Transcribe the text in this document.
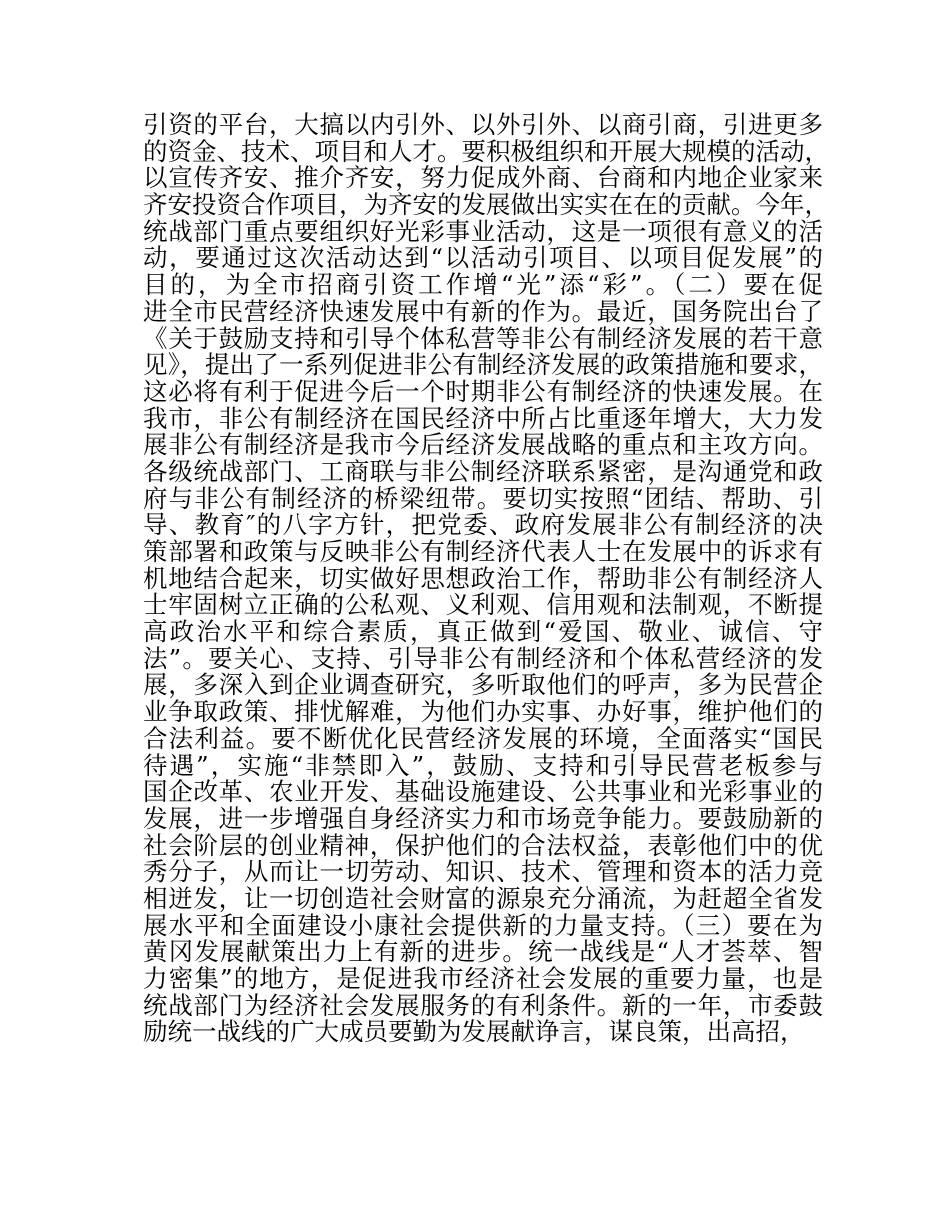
引资的平台，大搞以内引外、以外引外、以商引商，引进更多
的资金、技术、项目和人才。要积极组织和开展大规模的活动，
以宣传齐安、推介齐安，努力促成外商、台商和内地企业家来
齐安投资合作项目，为齐安的发展做出实实在在的贡献。今年，
统战部门重点要组织好光彩事业活动，这是一项很有意义的活
动，要通过这次活动达到“以活动引项目、以项目促发展”的
目的，为全市招商引资工作增“光”添“彩”。（二）要在促
进全市民营经济快速发展中有新的作为。最近，国务院出台了
《关于鼓励支持和引导个体私营等非公有制经济发展的若干意
见》，提出了一系列促进非公有制经济发展的政策措施和要求，
这必将有利于促进今后一个时期非公有制经济的快速发展。在
我市，非公有制经济在国民经济中所占比重逐年增大，大力发
展非公有制经济是我市今后经济发展战略的重点和主攻方向。
各级统战部门、工商联与非公制经济联系紧密，是沟通党和政
府与非公有制经济的桥梁纽带。要切实按照“团结、帮助、引
导、教育″的八字方针，把党委、政府发展非公有制经济的决
策部署和政策与反映非公有制经济代表人士在发展中的诉求有
机地结合起来，切实做好思想政治工作，帮助非公有制经济人
士牢固树立正确的公私观、义利观、信用观和法制观，不断提
高政治水平和综合素质，真正做到“爱国、敬业、诚信、守
法”。要关心、支持、引导非公有制经济和个体私营经济的发
展，多深入到企业调查研究，多听取他们的呼声，多为民营企
业争取政策、排忧解难，为他们办实事、办好事，维护他们的
合法利益。要不断优化民营经济发展的环境，全面落实“国民
待遇”，实施“非禁即入”，鼓励、支持和引导民营老板参与
国企改革、农业开发、基础设施建设、公共事业和光彩事业的
发展，进一步增强自身经济实力和市场竞争能力。要鼓励新的
社会阶层的创业精神，保护他们的合法权益，表彰他们中的优
秀分子，从而让一切劳动、知识、技术、管理和资本的活力竞
相迸发，让一切创造社会财富的源泉充分涌流，为赶超全省发
展水平和全面建设小康社会提供新的力量支持。（三）要在为
黄冈发展献策出力上有新的进步。统一战线是“人才荟萃、智
力密集”的地方，是促进我市经济社会发展的重要力量，也是
统战部门为经济社会发展服务的有利条件。新的一年，市委鼓
励统一战线的广大成员要勤为发展献诤言，谋良策，出高招，
